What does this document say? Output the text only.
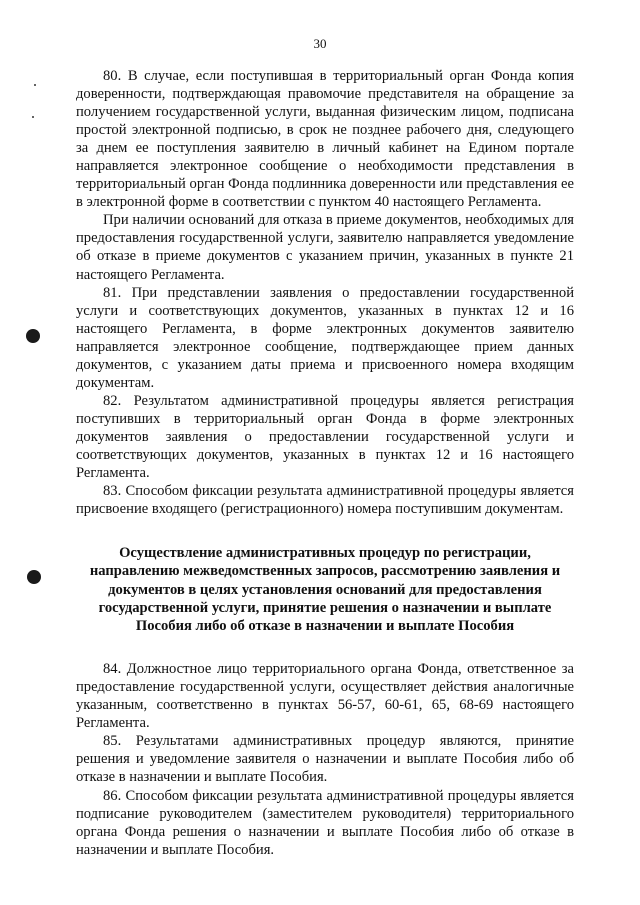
30

80. В случае, если поступившая в территориальный орган Фонда копия доверенности, подтверждающая правомочие представителя на обращение за получением государственной услуги, выданная физическим лицом, подписана простой электронной подписью, в срок не позднее рабочего дня, следующего за днем ее поступления заявителю в личный кабинет на Едином портале направляется электронное сообщение о необходимости представления в территориальный орган Фонда подлинника доверенности или представления ее в электронной форме в соответствии с пунктом 40 настоящего Регламента.

При наличии оснований для отказа в приеме документов, необходимых для предоставления государственной услуги, заявителю направляется уведомление об отказе в приеме документов с указанием причин, указанных в пункте 21 настоящего Регламента.

81. При представлении заявления о предоставлении государственной услуги и соответствующих документов, указанных в пунктах 12 и 16 настоящего Регламента, в форме электронных документов заявителю направляется электронное сообщение, подтверждающее прием данных документов, с указанием даты приема и присвоенного номера входящим документам.

82. Результатом административной процедуры является регистрация поступивших в территориальный орган Фонда в форме электронных документов заявления о предоставлении государственной услуги и соответствующих документов, указанных в пунктах 12 и 16 настоящего Регламента.

83. Способом фиксации результата административной процедуры является присвоение входящего (регистрационного) номера поступившим документам.

Осуществление административных процедур по регистрации,
направлению межведомственных запросов, рассмотрению заявления и
документов в целях установления оснований для предоставления
государственной услуги, принятие решения о назначении и выплате
Пособия либо об отказе в назначении и выплате Пособия

84. Должностное лицо территориального органа Фонда, ответственное за предоставление государственной услуги, осуществляет действия аналогичные указанным, соответственно в пунктах 56-57, 60-61, 65, 68-69 настоящего Регламента.

85. Результатами административных процедур являются, принятие решения и уведомление заявителя о назначении и выплате Пособия либо об отказе в назначении и выплате Пособия.

86. Способом фиксации результата административной процедуры является подписание руководителем (заместителем руководителя) территориального органа Фонда решения о назначении и выплате Пособия либо об отказе в назначении и выплате Пособия.
